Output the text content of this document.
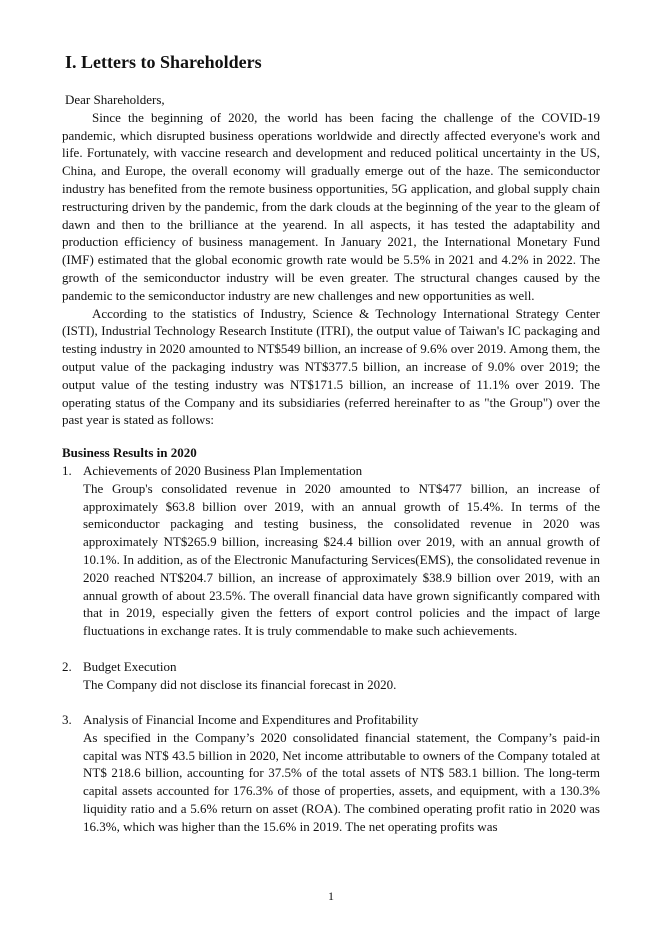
I. Letters to Shareholders
Dear Shareholders,

Since the beginning of 2020, the world has been facing the challenge of the COVID-19 pandemic, which disrupted business operations worldwide and directly affected everyone's work and life. Fortunately, with vaccine research and development and reduced political uncertainty in the US, China, and Europe, the overall economy will gradually emerge out of the haze. The semiconductor industry has benefited from the remote business opportunities, 5G application, and global supply chain restructuring driven by the pandemic, from the dark clouds at the beginning of the year to the gleam of dawn and then to the brilliance at the yearend. In all aspects, it has tested the adaptability and production efficiency of business management. In January 2021, the International Monetary Fund (IMF) estimated that the global economic growth rate would be 5.5% in 2021 and 4.2% in 2022. The growth of the semiconductor industry will be even greater. The structural changes caused by the pandemic to the semiconductor industry are new challenges and new opportunities as well.

According to the statistics of Industry, Science & Technology International Strategy Center (ISTI), Industrial Technology Research Institute (ITRI), the output value of Taiwan's IC packaging and testing industry in 2020 amounted to NT$549 billion, an increase of 9.6% over 2019. Among them, the output value of the packaging industry was NT$377.5 billion, an increase of 9.0% over 2019; the output value of the testing industry was NT$171.5 billion, an increase of 11.1% over 2019. The operating status of the Company and its subsidiaries (referred hereinafter to as "the Group") over the past year is stated as follows:

Business Results in 2020
1. Achievements of 2020 Business Plan Implementation
The Group's consolidated revenue in 2020 amounted to NT$477 billion, an increase of approximately $63.8 billion over 2019, with an annual growth of 15.4%. In terms of the semiconductor packaging and testing business, the consolidated revenue in 2020 was approximately NT$265.9 billion, increasing $24.4 billion over 2019, with an annual growth of 10.1%. In addition, as of the Electronic Manufacturing Services(EMS), the consolidated revenue in 2020 reached NT$204.7 billion, an increase of approximately $38.9 billion over 2019, with an annual growth of about 23.5%. The overall financial data have grown significantly compared with that in 2019, especially given the fetters of export control policies and the impact of large fluctuations in exchange rates. It is truly commendable to make such achievements.
2. Budget Execution
The Company did not disclose its financial forecast in 2020.
3. Analysis of Financial Income and Expenditures and Profitability
As specified in the Company’s 2020 consolidated financial statement, the Company’s paid-in capital was NT$ 43.5 billion in 2020, Net income attributable to owners of the Company totaled at NT$ 218.6 billion, accounting for 37.5% of the total assets of NT$ 583.1 billion. The long-term capital assets accounted for 176.3% of those of properties, assets, and equipment, with a 130.3% liquidity ratio and a 5.6% return on asset (ROA). The combined operating profit ratio in 2020 was 16.3%, which was higher than the 15.6% in 2019. The net operating profits was
1
